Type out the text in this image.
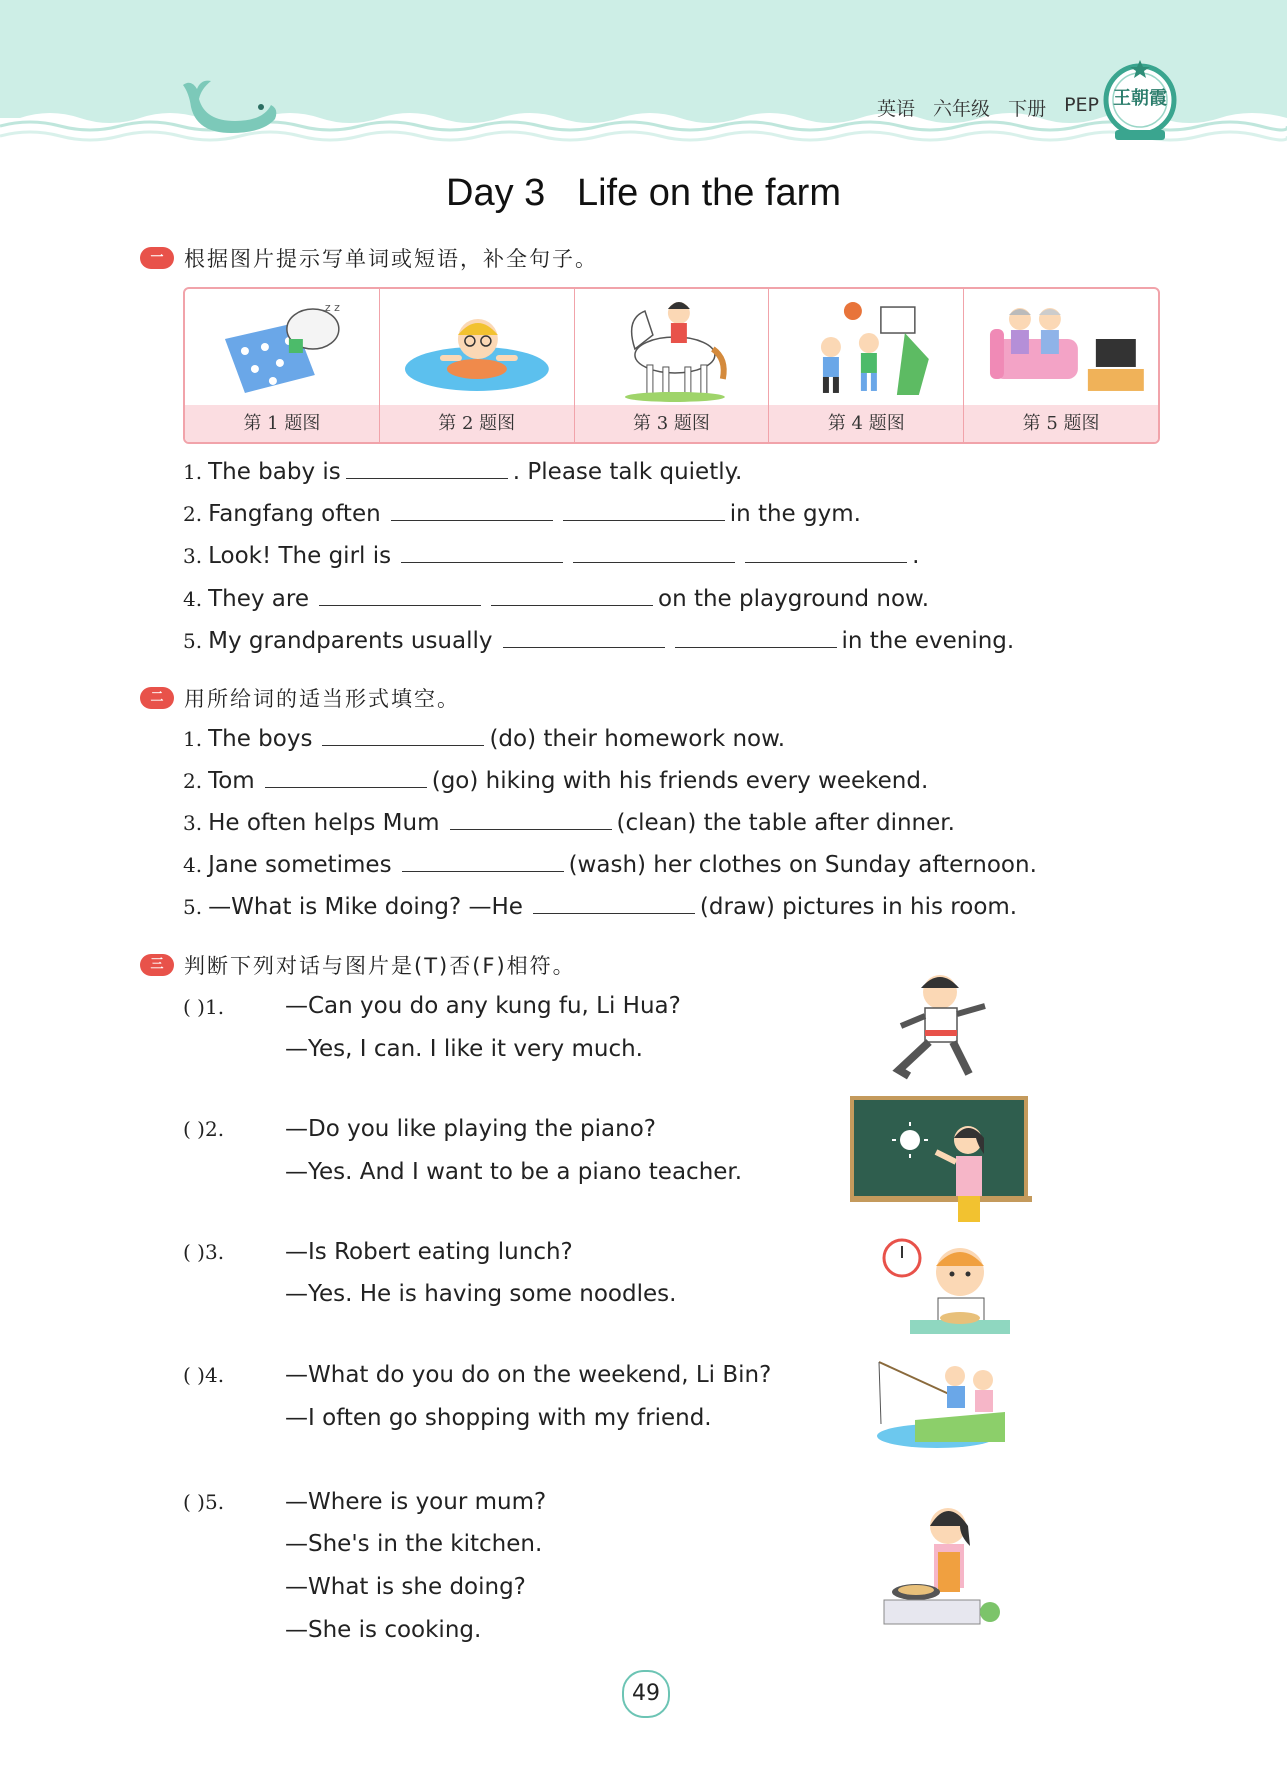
英语 六年级 下册 PEP 王朝霞
Day 3   Life on the farm
一 根据图片提示写单词或短语，补全句子。
z z
第 1 题图	第 2 题图	第 3 题图	第 4 题图	第 5 题图
1. The baby is	. Please talk quietly.
2. Fangfang often	in the gym.
3. Look! The girl is	.
4. They are	on the playground now.
5. My grandparents usually	in the evening.
二 用所给词的适当形式填空。
1. The boys	(do) their homework now.
2. Tom	(go) hiking with his friends every weekend.
3. He often helps Mum	(clean) the table after dinner.
4. Jane sometimes	(wash) her clothes on Sunday afternoon.
5. —What is Mike doing? —He	(draw) pictures in his room.
三 判断下列对话与图片是(T)否(F)相符。
( )1.	—Can you do any kung fu, Li Hua?
—Yes, I can. I like it very much.
( )2.	—Do you like playing the piano?
—Yes. And I want to be a piano teacher.
( )3.	—Is Robert eating lunch?
—Yes. He is having some noodles.
( )4.	—What do you do on the weekend, Li Bin?
—I often go shopping with my friend.
( )5.	—Where is your mum?
—She's in the kitchen.
—What is she doing?
—She is cooking.
49
